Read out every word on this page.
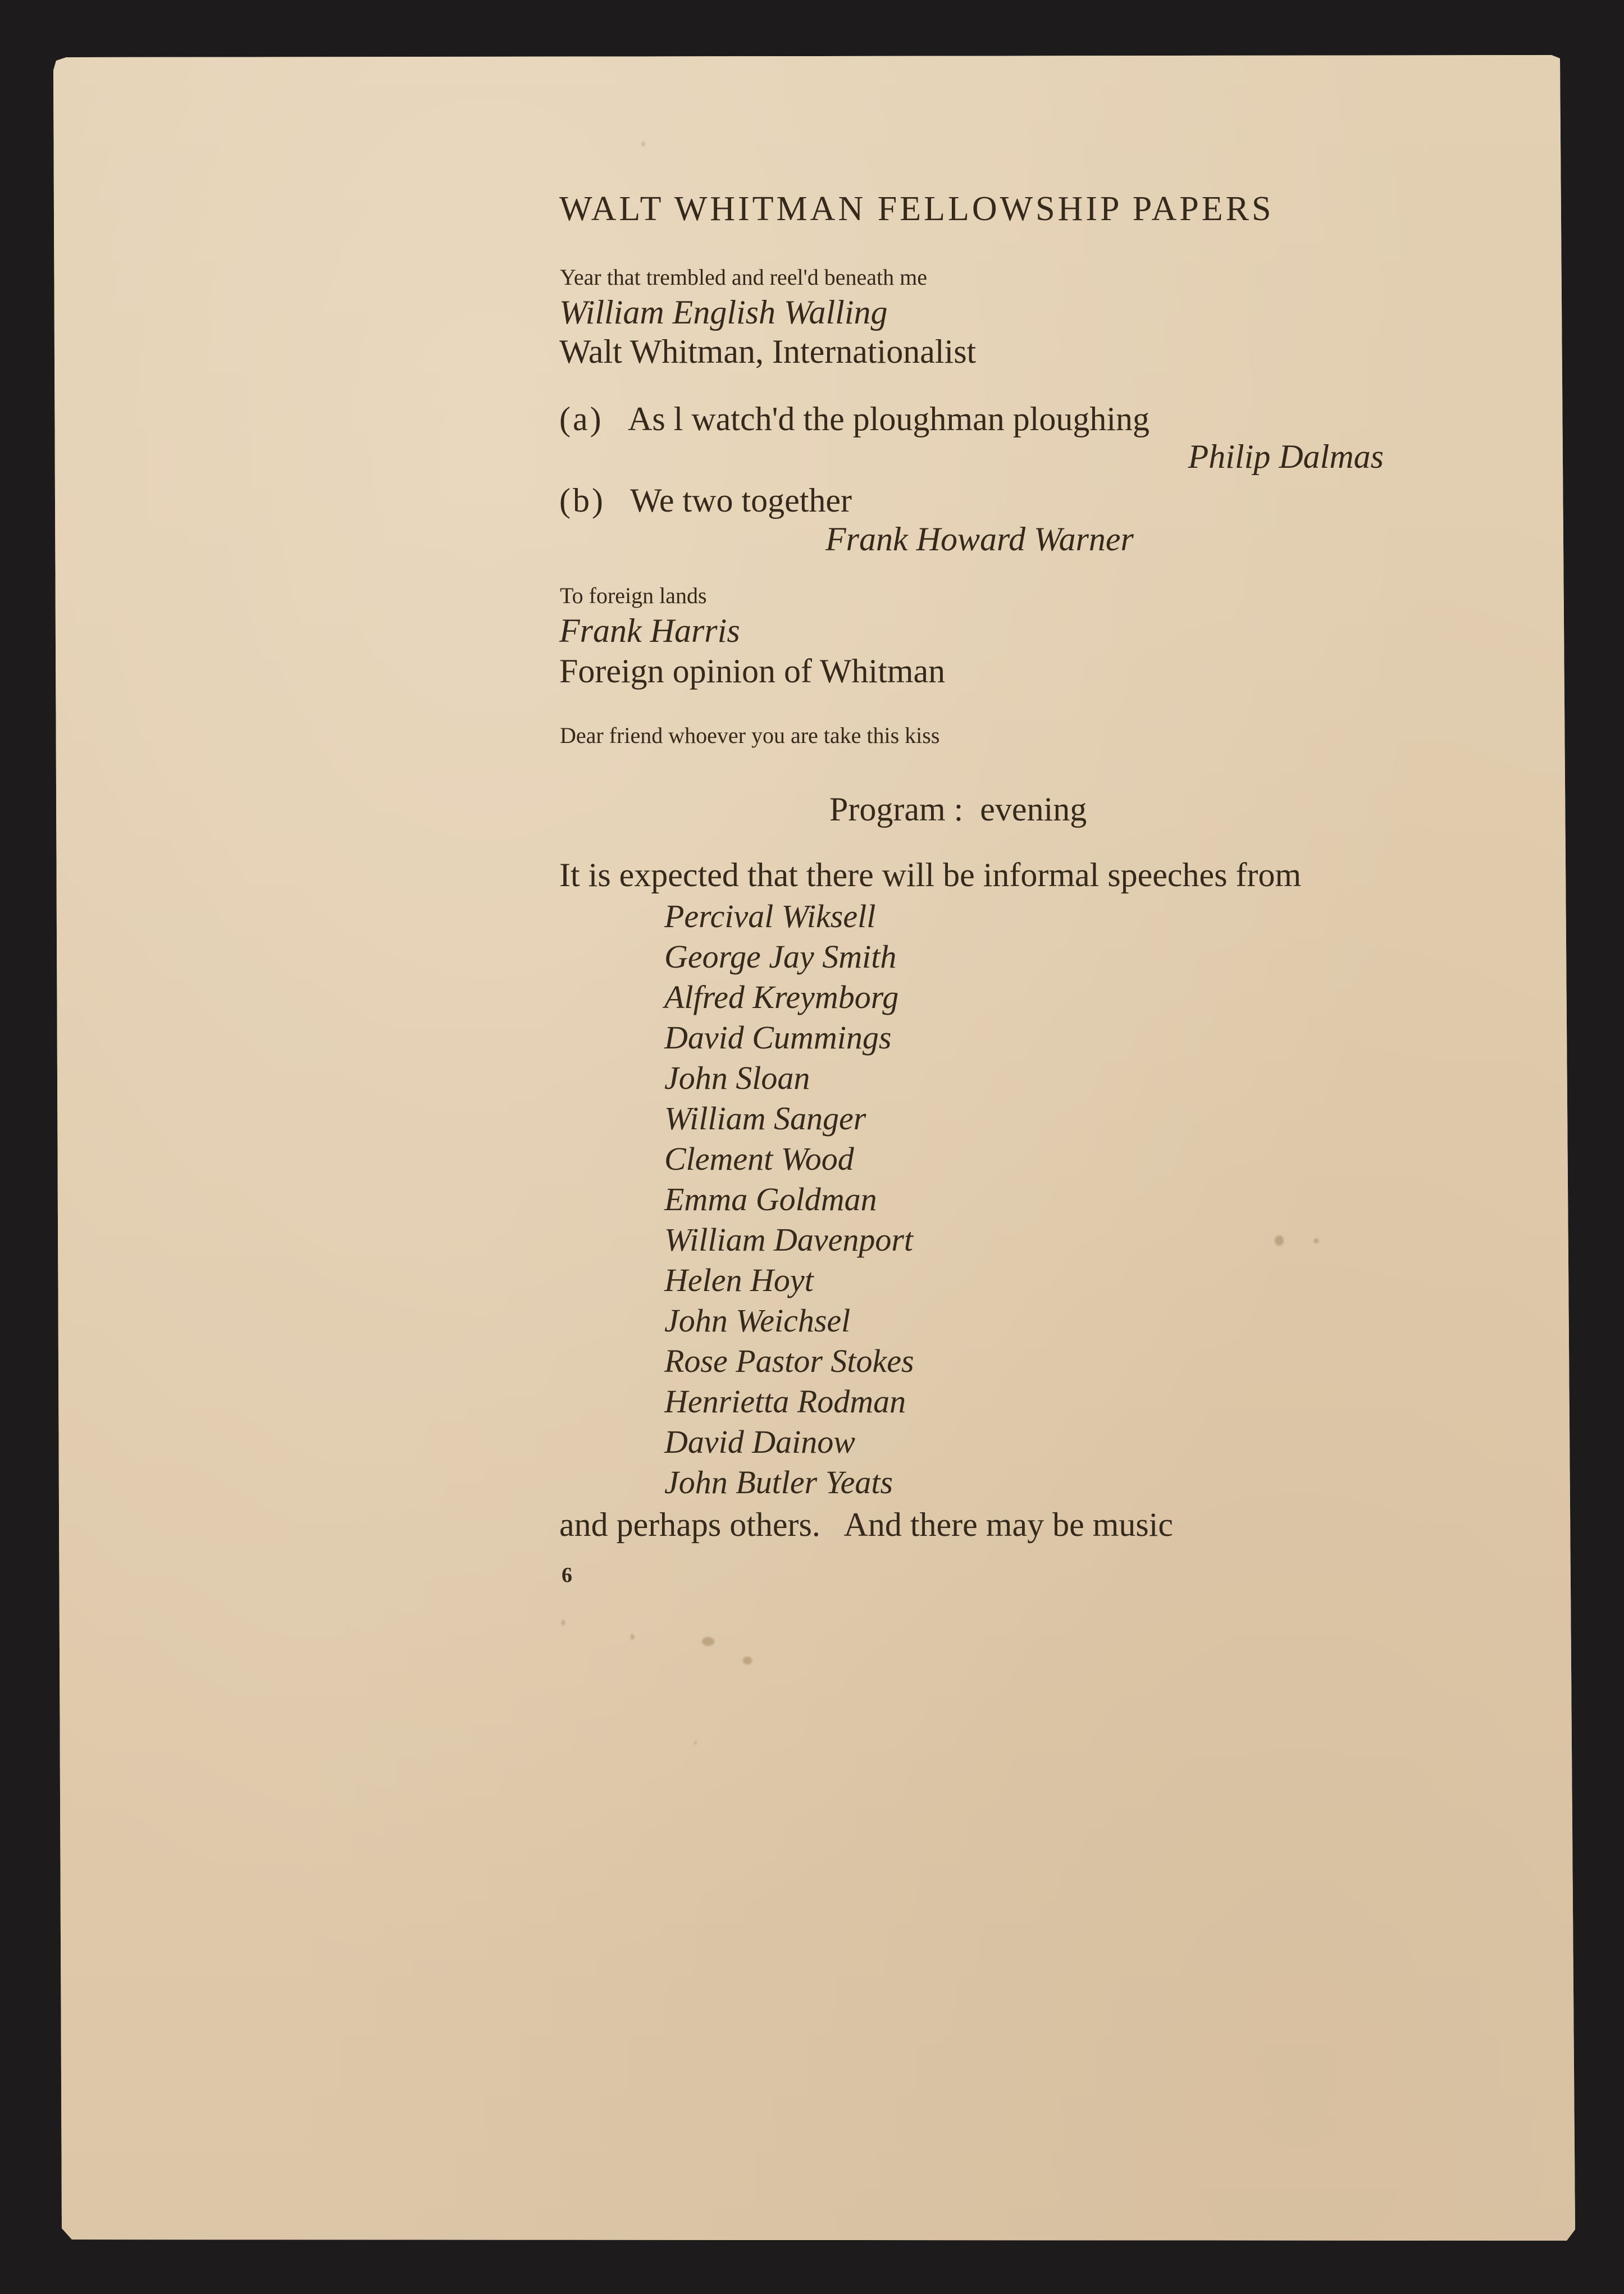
WALT WHITMAN FELLOWSHIP PAPERS
Year that trembled and reel'd beneath me
William English Walling
Walt Whitman, Internationalist
(a) As l watch'd the ploughman ploughing
Philip Dalmas
(b) We two together
Frank Howard Warner
To foreign lands
Frank Harris
Foreign opinion of Whitman
Dear friend whoever you are take this kiss
Program :  evening
It is expected that there will be informal speeches from
Percival Wiksell
George Jay Smith
Alfred Kreymborg
David Cummings
John Sloan
William Sanger
Clement Wood
Emma Goldman
William Davenport
Helen Hoyt
John Weichsel
Rose Pastor Stokes
Henrietta Rodman
David Dainow
John Butler Yeats
and perhaps others.   And there may be music
6
